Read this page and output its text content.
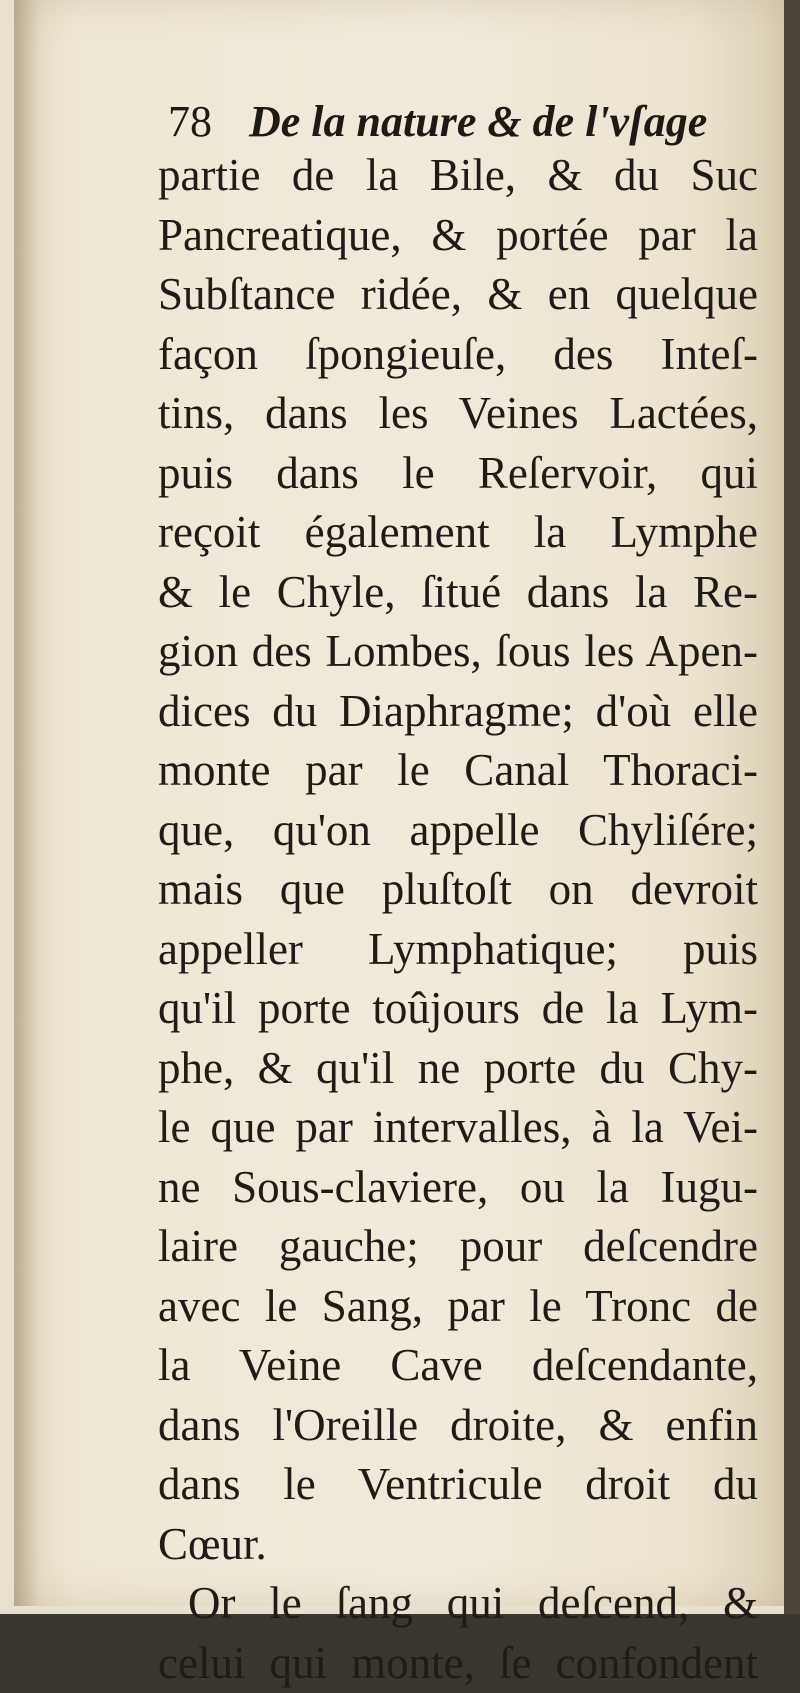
78 De la nature & de l'vſage
partie de la Bile, & du Suc
Pancreatique, & portée par la
Subſtance ridée, & en quelque
façon ſpongieuſe, des Inteſ-
tins, dans les Veines Lactées,
puis dans le Reſervoir, qui
reçoit également la Lymphe
& le Chyle, ſitué dans la Re-
gion des Lombes, ſous les Apen-
dices du Diaphragme; d'où elle
monte par le Canal Thoraci-
que, qu'on appelle Chyliſére;
mais que pluſtoſt on devroit
appeller Lymphatique; puis
qu'il porte toûjours de la Lym-
phe, & qu'il ne porte du Chy-
le que par intervalles, à la Vei-
ne Sous-claviere, ou la Iugu-
laire gauche; pour deſcendre
avec le Sang, par le Tronc de
la Veine Cave deſcendante,
dans l'Oreille droite, & enfin
dans le Ventricule droit du
Cœur.
Or le ſang qui deſcend, &
celui qui monte, ſe confondent
